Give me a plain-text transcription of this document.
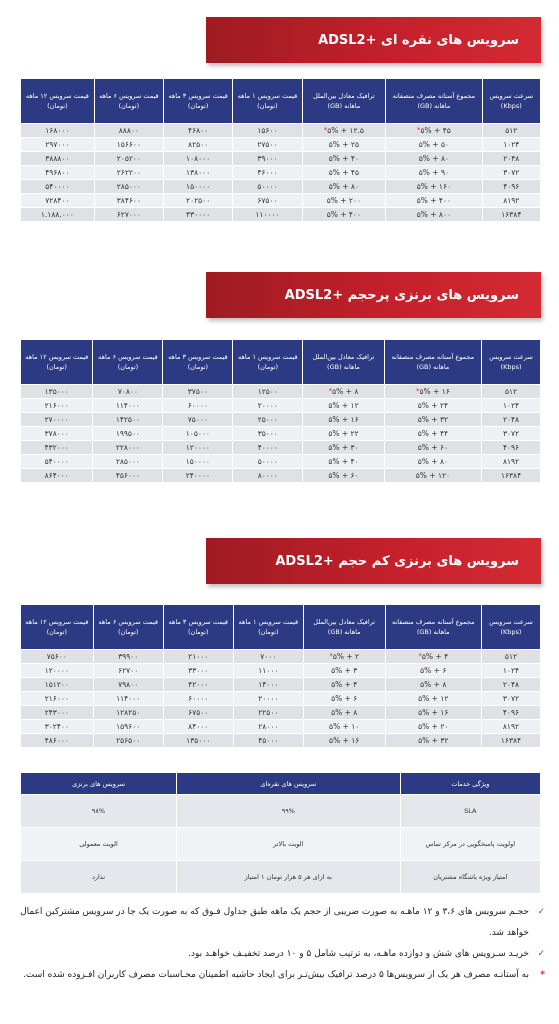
سرویس های نقره ای +ADSL2
سرعت سرویس (Kbps)	مجموع آستانه مصرف منصفانه ماهانه (GB)	ترافیک معادل بین‌الملل ماهانه (GB)	قیمت سرویس ۱ ماهه (تومان)	قیمت سرویس ۳ ماهه (تومان)	قیمت سرویس ۶ ماهه (تومان)	قیمت سرویس ۱۲ ماهه (تومان)
۵۱۲	۴۵ + ۵%*	۱۲.۵ + ۵%*	۱۵۶۰۰	۴۶۸۰۰	۸۸۸۰۰	۱۶۸۰۰۰
۱۰۲۴	۵۰ + ۵%	۲۵ + ۵%	۲۷۵۰۰	۸۲۵۰۰	۱۵۶۶۰۰	۲۹۷۰۰۰
۲۰۴۸	۸۰ + ۵%	۴۰ + ۵%	۳۹۰۰۰	۱۰۸۰۰۰	۲۰۵۲۰۰	۳۸۸۸۰۰
۳۰۷۲	۹۰ + ۵%	۴۵ + ۵%	۴۶۰۰۰	۱۳۸۰۰۰	۲۶۲۲۰۰	۴۹۶۸۰۰
۴۰۹۶	۱۶۰ + ۵%	۸۰ + ۵%	۵۰۰۰۰	۱۵۰۰۰۰	۲۸۵۰۰۰	۵۴۰۰۰۰
۸۱۹۲	۴۰۰ + ۵%	۲۰۰ + ۵%	۶۷۵۰۰	۲۰۲۵۰۰	۳۸۴۶۰۰	۷۲۸۴۰۰
۱۶۳۸۴	۸۰۰ + ۵%	۴۰۰ + ۵%	۱۱۰۰۰۰	۳۳۰۰۰۰	۶۲۷۰۰۰	۱.۱۸۸.۰۰۰
سرویس های برنزی پرحجم +ADSL2
سرعت سرویس (Kbps)	مجموع آستانه مصرف منصفانه ماهانه (GB)	ترافیک معادل بین‌الملل ماهانه (GB)	قیمت سرویس ۱ ماهه (تومان)	قیمت سرویس ۳ ماهه (تومان)	قیمت سرویس ۶ ماهه (تومان)	قیمت سرویس ۱۲ ماهه (تومان)
۵۱۲	۱۶ + ۵%*	۸ + ۵%*	۱۲۵۰۰	۳۷۵۰۰	۷۰۸۰۰	۱۳۵۰۰۰
۱۰۲۴	۲۴ + ۵%	۱۲ + ۵%	۲۰۰۰۰	۶۰۰۰۰	۱۱۴۰۰۰	۲۱۶۰۰۰
۲۰۴۸	۳۲ + ۵%	۱۶ + ۵%	۲۵۰۰۰	۷۵۰۰۰	۱۴۲۵۰۰	۲۷۰۰۰۰
۳۰۷۲	۴۴ + ۵%	۲۲ + ۵%	۳۵۰۰۰	۱۰۵۰۰۰	۱۹۹۵۰۰	۳۷۸۰۰۰
۴۰۹۶	۶۰ + ۵%	۳۰ + ۵%	۴۰۰۰۰	۱۲۰۰۰۰	۲۲۸۰۰۰	۴۳۲۰۰۰
۸۱۹۲	۸۰ + ۵%	۴۰ + ۵%	۵۰۰۰۰	۱۵۰۰۰۰	۲۸۵۰۰۰	۵۴۰۰۰۰
۱۶۳۸۴	۱۲۰ + ۵%	۶۰ + ۵%	۸۰۰۰۰	۲۴۰۰۰۰	۴۵۶۰۰۰	۸۶۴۰۰۰
سرویس های برنزی کم حجم +ADSL2
سرعت سرویس (Kbps)	مجموع آستانه مصرف منصفانه ماهانه (GB)	ترافیک معادل بین‌الملل ماهانه (GB)	قیمت سرویس ۱ ماهه (تومان)	قیمت سرویس ۳ ماهه (تومان)	قیمت سرویس ۶ ماهه (تومان)	قیمت سرویس ۱۲ ماهه (تومان)
۵۱۲	۴ + ۵%*	۲ + ۵%*	۷۰۰۰	۲۱۰۰۰	۳۹۹۰۰	۷۵۶۰۰
۱۰۲۴	۶ + ۵%	۳ + ۵%	۱۱۰۰۰	۳۳۰۰۰	۶۲۷۰۰	۱۲۰۰۰۰
۲۰۴۸	۸ + ۵%	۴ + ۵%	۱۴۰۰۰	۴۲۰۰۰	۷۹۸۰۰	۱۵۱۲۰۰
۳۰۷۲	۱۲ + ۵%	۶ + ۵%	۲۰۰۰۰	۶۰۰۰۰	۱۱۴۰۰۰	۲۱۶۰۰۰
۴۰۹۶	۱۶ + ۵%	۸ + ۵%	۲۲۵۰۰	۶۷۵۰۰	۱۲۸۲۵۰	۲۴۳۰۰۰
۸۱۹۲	۲۰ + ۵%	۱۰ + ۵%	۲۸۰۰۰	۸۴۰۰۰	۱۵۹۶۰۰	۳۰۲۴۰۰
۱۶۳۸۴	۳۲ + ۵%	۱۶ + ۵%	۴۵۰۰۰	۱۳۵۰۰۰	۲۵۶۵۰۰	۴۸۶۰۰۰
ویژگی خدمات	سرویس های نقره‌ای	سرویس های برنزی
SLA	۹۹%	۹۸%
اولویت پاسخگویی در مرکز تماس	الویت بالاتر	الویت معمولی
امتیاز ویژه باشگاه مشتریان	به ازای هر ۵ هزار تومان ۱ امتیاز	ندارد
✓
حجـم سرویس های ۳،۶ و ۱۲ ماهـه به صورت ضریبی از حجم یک ماهه طبق جداول فـوق که به صورت یک جا در سرویس مشترکین اعمال خواهد شد.
✓
خریـد سـرویس های شش و دوازده ماهـه، به ترتیب شامل ۵ و ۱۰ درصد تخفیـف خواهـد بود.
*
به آستانـه مصرف هر یک از سرویس‌ها ۵ درصد ترافیک بیش‌تـر برای ایجاد حاشیه اطمینان محـاسبات مصرف کاربران افـزوده شده است.
